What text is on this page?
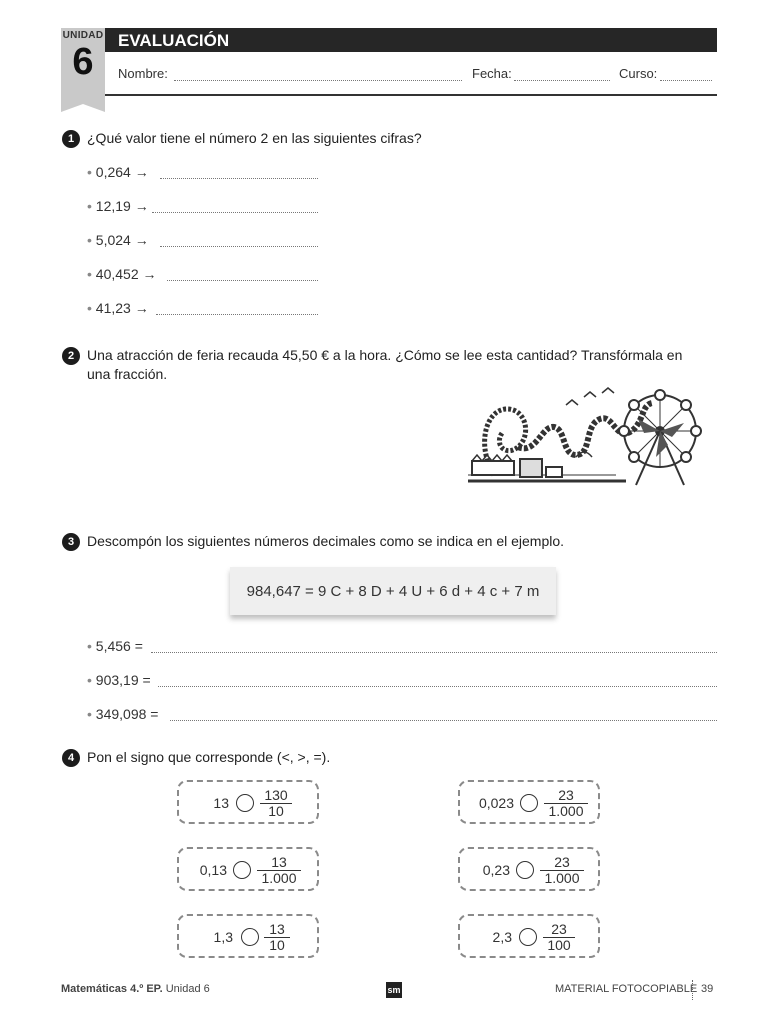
UNIDAD
6
EVALUACIÓN
Nombre:	Fecha:	Curso:
1 ¿Qué valor tiene el número 2 en las siguientes cifras?
• 0,264 →
• 12,19 →
• 5,024 →
• 40,452 →
• 41,23 →
2 Una atracción de feria recauda 45,50 € a la hora. ¿Cómo se lee esta cantidad? Transfórmala en
una fracción.
3 Descompón los siguientes números decimales como se indica en el ejemplo.
984,647 = 9 C + 8 D + 4 U + 6 d + 4 c + 7 m
• 5,456 =
• 903,19 =
• 349,098 =
4 Pon el signo que corresponde (<, >, =).
$13 \frac{130}{10}$	$0,023 \frac{23}{1.000}$
$0,13 \frac{13}{1.000}$	$0,23 \frac{23}{1.000}$
$1,3 \frac{13}{10}$	$2,3 \frac{23}{100}$
Matemáticas 4.º EP. Unidad 6	sm	MATERIAL FOTOCOPIABLE 39
